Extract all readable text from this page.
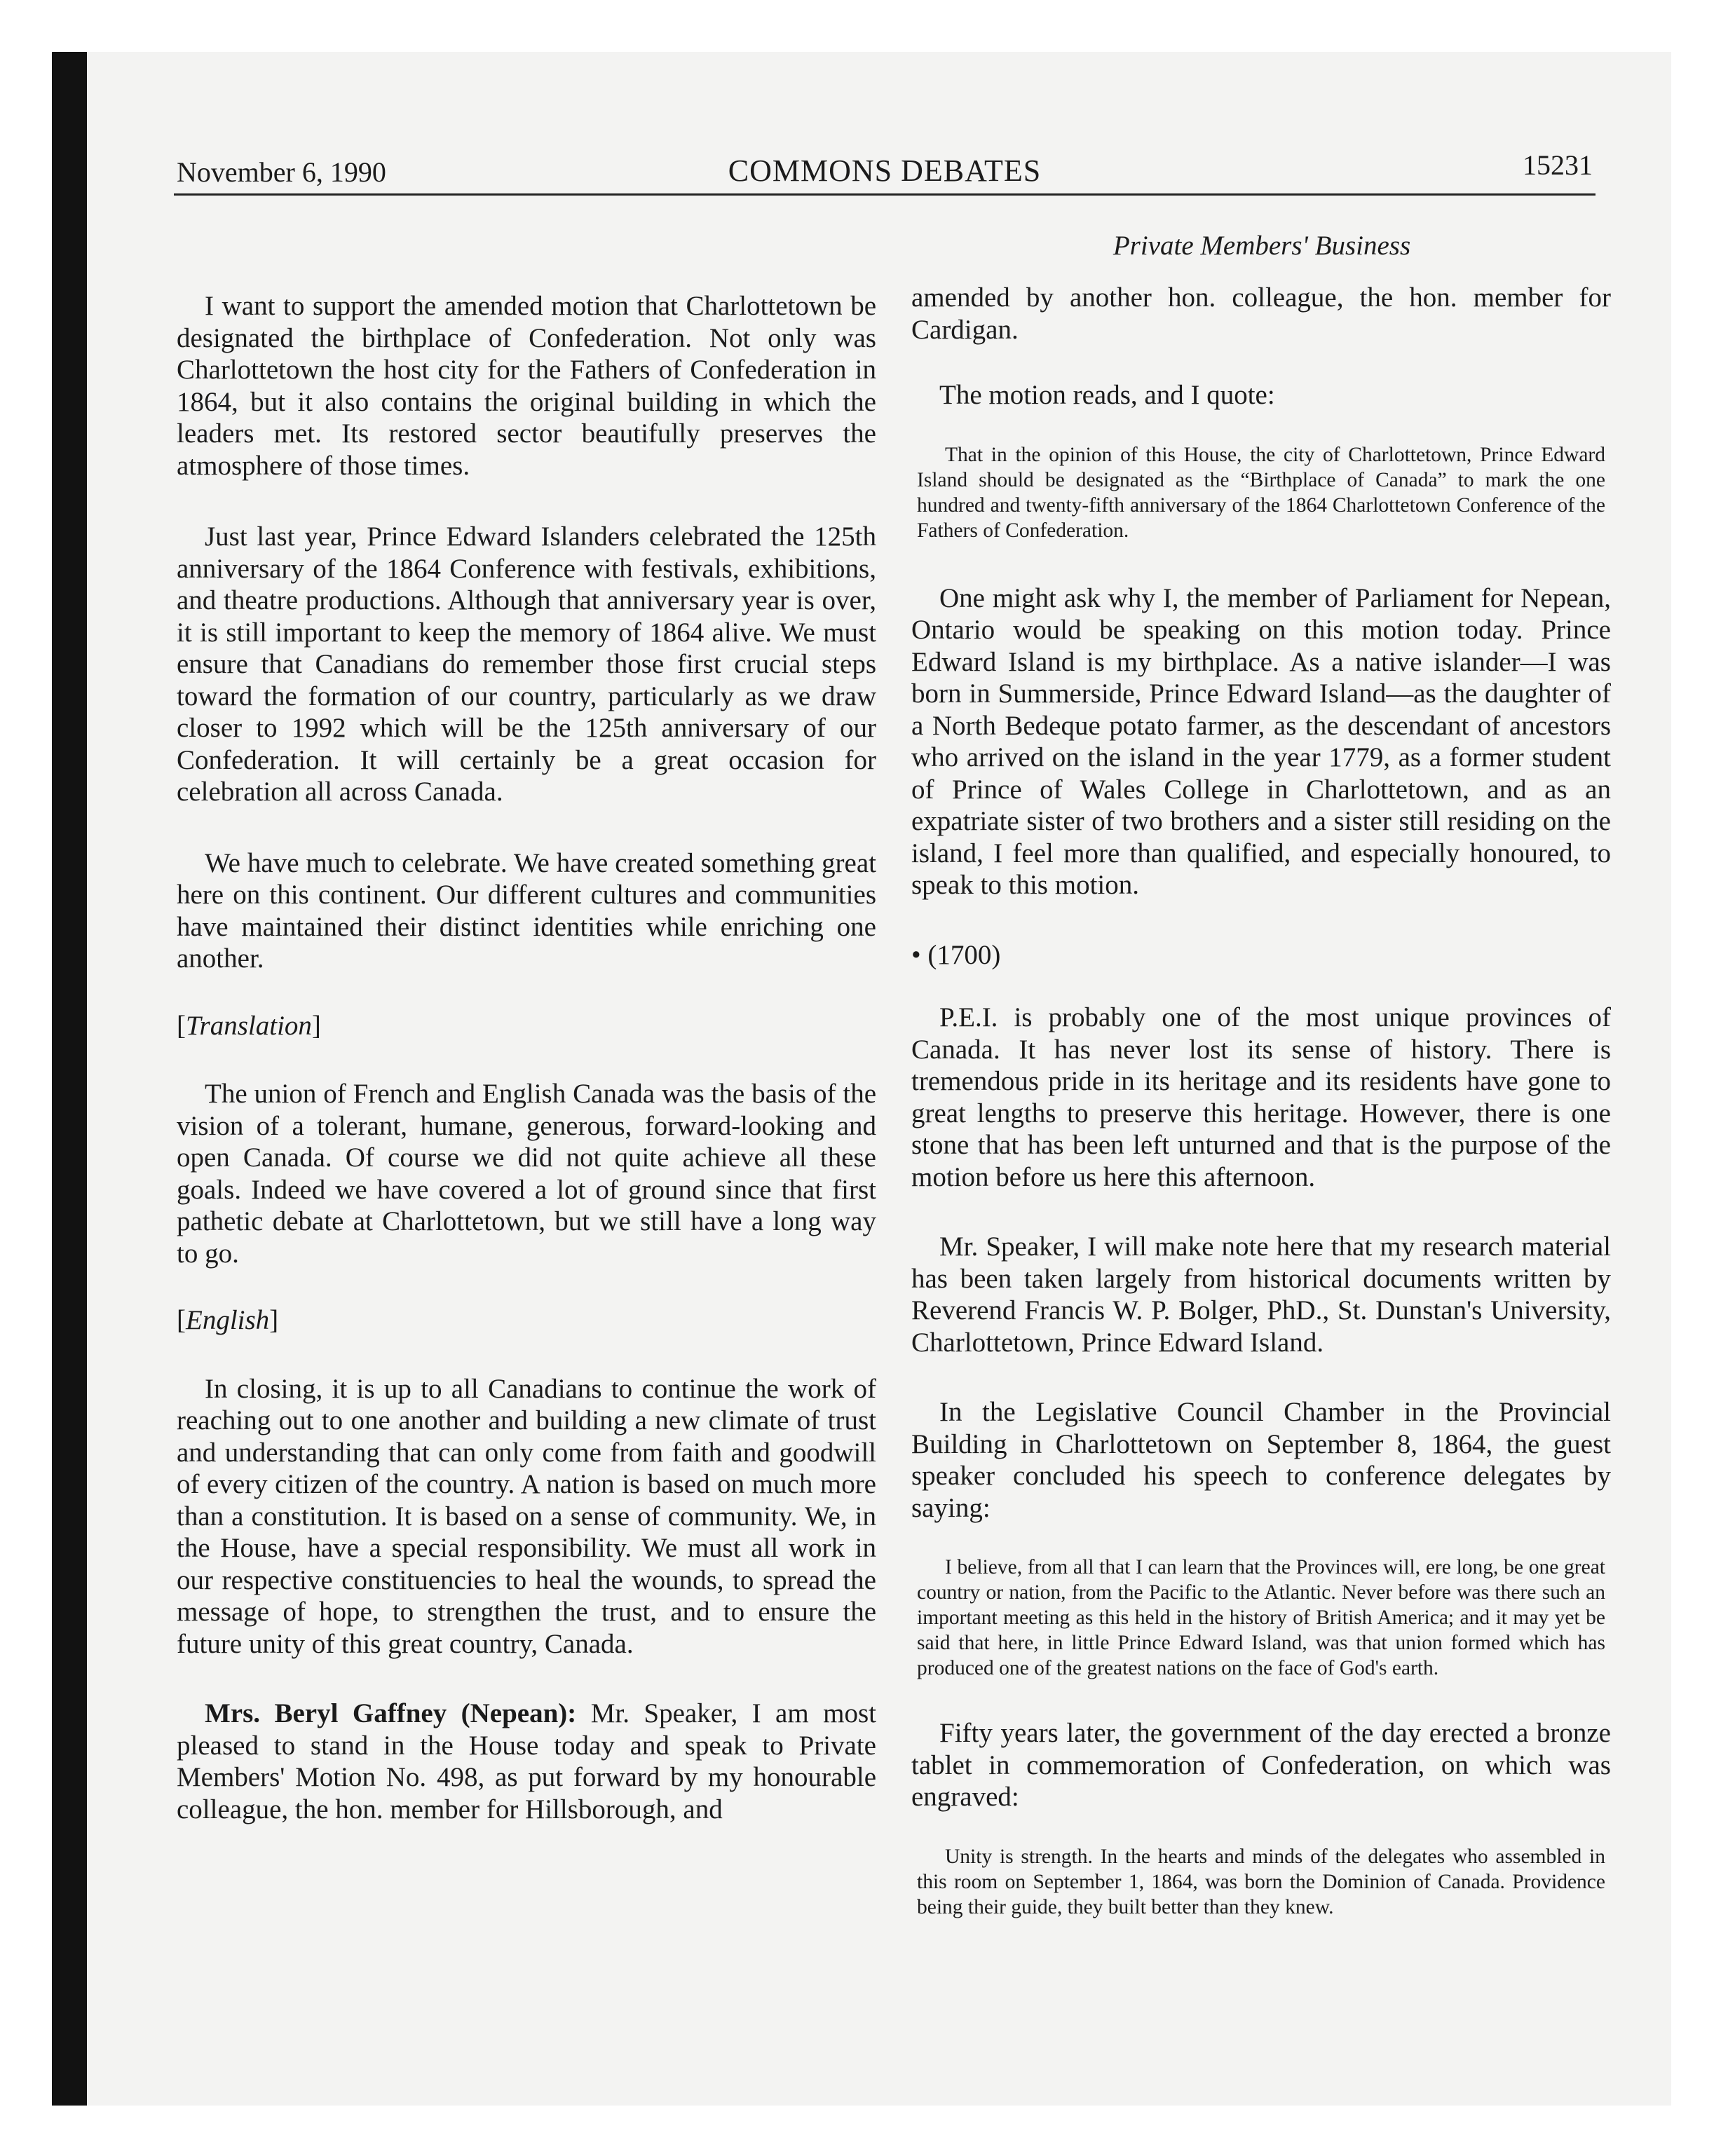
November 6, 1990	COMMONS DEBATES	15231
Private Members' Business

I want to support the amended motion that Charlottetown be designated the birthplace of Confederation. Not only was Charlottetown the host city for the Fathers of Confederation in 1864, but it also contains the original building in which the leaders met. Its restored sector beautifully preserves the atmosphere of those times.

Just last year, Prince Edward Islanders celebrated the 125th anniversary of the 1864 Conference with festivals, exhibitions, and theatre productions. Although that anniversary year is over, it is still important to keep the memory of 1864 alive. We must ensure that Canadians do remember those first crucial steps toward the formation of our country, particularly as we draw closer to 1992 which will be the 125th anniversary of our Confederation. It will certainly be a great occasion for celebration all across Canada.

We have much to celebrate. We have created something great here on this continent. Our different cultures and communities have maintained their distinct identities while enriching one another.

[Translation]

The union of French and English Canada was the basis of the vision of a tolerant, humane, generous, forward-looking and open Canada. Of course we did not quite achieve all these goals. Indeed we have covered a lot of ground since that first pathetic debate at Charlottetown, but we still have a long way to go.

[English]

In closing, it is up to all Canadians to continue the work of reaching out to one another and building a new climate of trust and understanding that can only come from faith and goodwill of every citizen of the country. A nation is based on much more than a constitution. It is based on a sense of community. We, in the House, have a special responsibility. We must all work in our respective constituencies to heal the wounds, to spread the message of hope, to strengthen the trust, and to ensure the future unity of this great country, Canada.

Mrs. Beryl Gaffney (Nepean): Mr. Speaker, I am most pleased to stand in the House today and speak to Private Members' Motion No. 498, as put forward by my honourable colleague, the hon. member for Hillsborough, and

amended by another hon. colleague, the hon. member for Cardigan.

The motion reads, and I quote:

That in the opinion of this House, the city of Charlottetown, Prince Edward Island should be designated as the “Birthplace of Canada” to mark the one hundred and twenty-fifth anniversary of the 1864 Charlottetown Conference of the Fathers of Confederation.

One might ask why I, the member of Parliament for Nepean, Ontario would be speaking on this motion today. Prince Edward Island is my birthplace. As a native islander—I was born in Summerside, Prince Edward Island—as the daughter of a North Bedeque potato farmer, as the descendant of ancestors who arrived on the island in the year 1779, as a former student of Prince of Wales College in Charlottetown, and as an expatriate sister of two brothers and a sister still residing on the island, I feel more than qualified, and especially honoured, to speak to this motion.

• (1700)

P.E.I. is probably one of the most unique provinces of Canada. It has never lost its sense of history. There is tremendous pride in its heritage and its residents have gone to great lengths to preserve this heritage. However, there is one stone that has been left unturned and that is the purpose of the motion before us here this afternoon.

Mr. Speaker, I will make note here that my research material has been taken largely from historical documents written by Reverend Francis W. P. Bolger, PhD., St. Dunstan's University, Charlottetown, Prince Edward Island.

In the Legislative Council Chamber in the Provincial Building in Charlottetown on September 8, 1864, the guest speaker concluded his speech to conference delegates by saying:

I believe, from all that I can learn that the Provinces will, ere long, be one great country or nation, from the Pacific to the Atlantic. Never before was there such an important meeting as this held in the history of British America; and it may yet be said that here, in little Prince Edward Island, was that union formed which has produced one of the greatest nations on the face of God's earth.

Fifty years later, the government of the day erected a bronze tablet in commemoration of Confederation, on which was engraved:

Unity is strength. In the hearts and minds of the delegates who assembled in this room on September 1, 1864, was born the Dominion of Canada. Providence being their guide, they built better than they knew.
